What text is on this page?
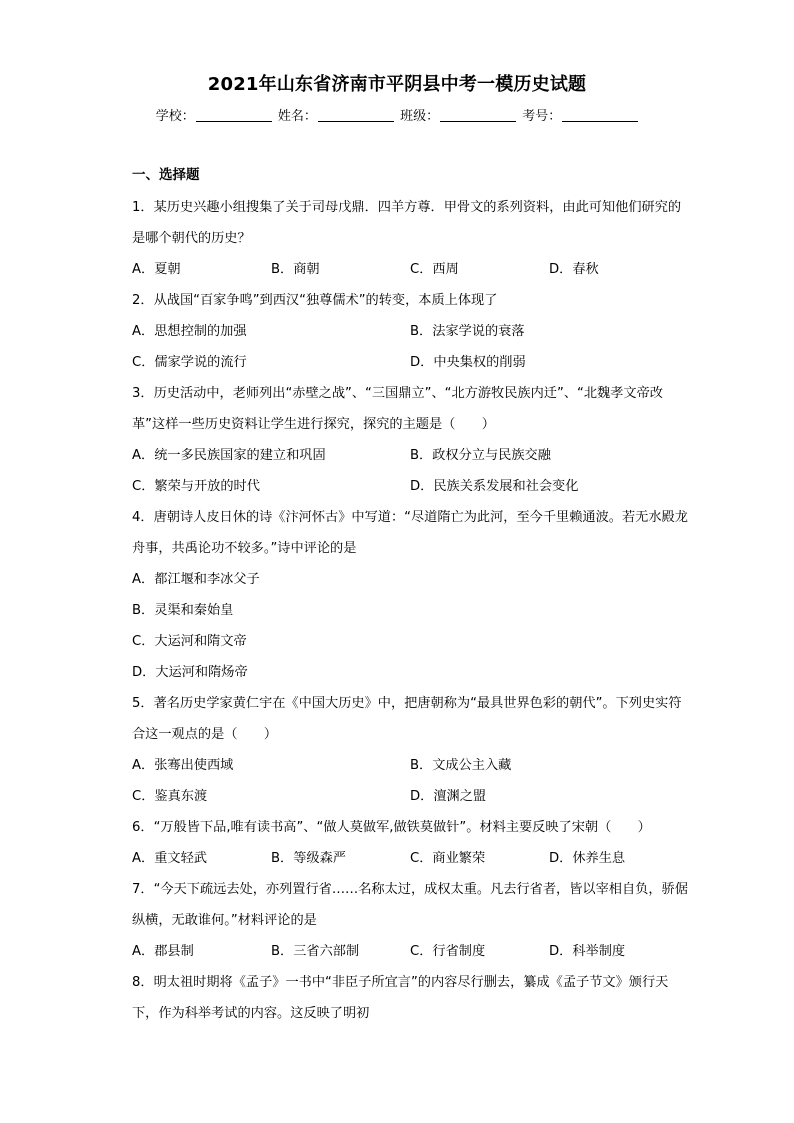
2021年山东省济南市平阴县中考一模历史试题
学校：	姓名：	班级：	考号：
一、选择题
1．某历史兴趣小组搜集了关于司母戊鼎．四羊方尊．甲骨文的系列资料，由此可知他们研究的是哪个朝代的历史？
A．夏朝	B．商朝	C．西周	D．春秋
2．从战国“百家争鸣”到西汉“独尊儒术”的转变，本质上体现了
A．思想控制的加强	B．法家学说的衰落
C．儒家学说的流行	D．中央集权的削弱
3．历史活动中，老师列出“赤壁之战”、“三国鼎立”、“北方游牧民族内迁”、“北魏孝文帝改革”这样一些历史资料让学生进行探究，探究的主题是（　　）
A．统一多民族国家的建立和巩固	B．政权分立与民族交融
C．繁荣与开放的时代	D．民族关系发展和社会变化
4．唐朝诗人皮日休的诗《汴河怀古》中写道：“尽道隋亡为此河，至今千里赖通波。若无水殿龙舟事，共禹论功不较多。”诗中评论的是
A．都江堰和李冰父子
B．灵渠和秦始皇
C．大运河和隋文帝
D．大运河和隋炀帝
5．著名历史学家黄仁宇在《中国大历史》中，把唐朝称为“最具世界色彩的朝代”。下列史实符合这一观点的是（　　）
A．张骞出使西域	B．文成公主入藏
C．鉴真东渡	D．澶渊之盟
6．“万般皆下品,唯有读书高”、“做人莫做军,做铁莫做针”。材料主要反映了宋朝（　　）
A．重文轻武	B．等级森严	C．商业繁荣	D．休养生息
7．“今天下疏远去处，亦列置行省……名称太过，成权太重。凡去行省者，皆以宰相自负，骄倨纵横，无敢谁何。”材料评论的是
A．郡县制	B．三省六部制	C．行省制度	D．科举制度
8．明太祖时期将《孟子》一书中“非臣子所宜言”的内容尽行删去，纂成《孟子节文》颁行天下，作为科举考试的内容。这反映了明初
